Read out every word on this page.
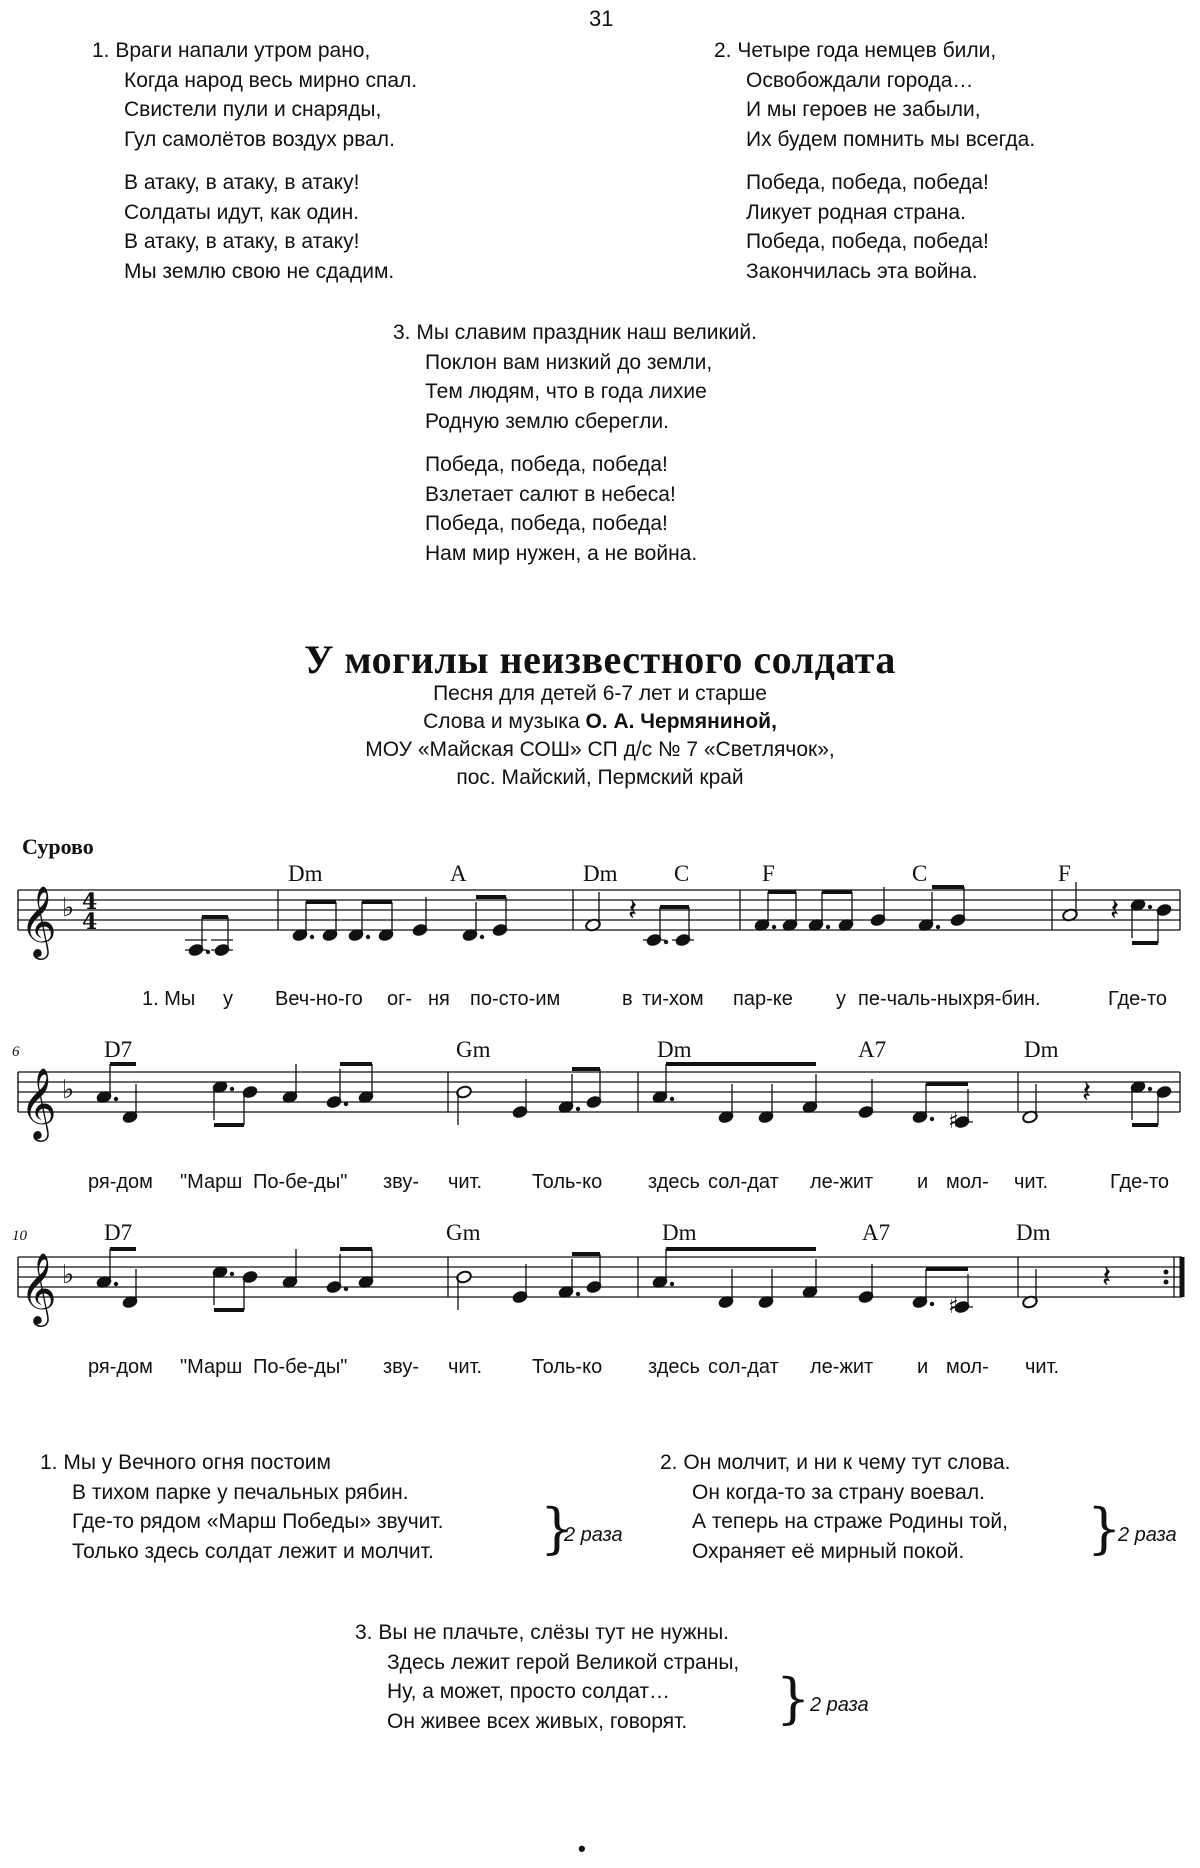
31
1. Враги напали утром рано,
Когда народ весь мирно спал.
Свистели пули и снаряды,
Гул самолётов воздух рвал.
В атаку, в атаку, в атаку!
Солдаты идут, как один.
В атаку, в атаку, в атаку!
Мы землю свою не сдадим.
2. Четыре года немцев били,
Освобождали города…
И мы героев не забыли,
Их будем помнить мы всегда.
Победа, победа, победа!
Ликует родная страна.
Победа, победа, победа!
Закончилась эта война.
3. Мы славим праздник наш великий.
Поклон вам низкий до земли,
Тем людям, что в года лихие
Родную землю сберегли.
Победа, победа, победа!
Взлетает салют в небеса!
Победа, победа, победа!
Нам мир нужен, а не война.
У могилы неизвестного солдата
Песня для детей 6-7 лет и старше
Слова и музыка О. А. Чермяниной,
МОУ «Майская СОШ» СП д/с № 7 «Светлячок»,
пос. Майский, Пермский край
Сурово
Dm	A	Dm C	F	C	F
6	D7	Gm	Dm	A7	Dm
10	D7	Gm	Dm	A7	Dm
𝄞 ♭ 4
4	𝄽	𝄽
𝄞 ♭	𝄽
♯
𝄞 ♭	𝄽
♯
1. Мы у Веч-но-го ог- ня по-сто-им	в ти-хом пар-ке у пе-чаль-ных ря-бин.	Где-то
ря-дом "Марш По-бе-ды" зву- чит. Толь-ко здесь сол-дат ле-жит и мол- чит.	Где-то
ря-дом "Марш По-бе-ды" зву- чит. Толь-ко здесь сол-дат ле-жит и мол- чит.
1. Мы у Вечного огня постоим
В тихом парке у печальных рябин.
Где-то рядом «Марш Победы» звучит.
Только здесь солдат лежит и молчит. }
2 раза
2. Он молчит, и ни к чему тут слова.
Он когда-то за страну воевал.
А теперь на страже Родины той,
Охраняет её мирный покой.	}
2 раза
3. Вы не плачьте, слёзы тут не нужны.
Здесь лежит герой Великой страны,
Ну, а может, просто солдат…
Он живее всех живых, говорят.	} 2 раза
•
